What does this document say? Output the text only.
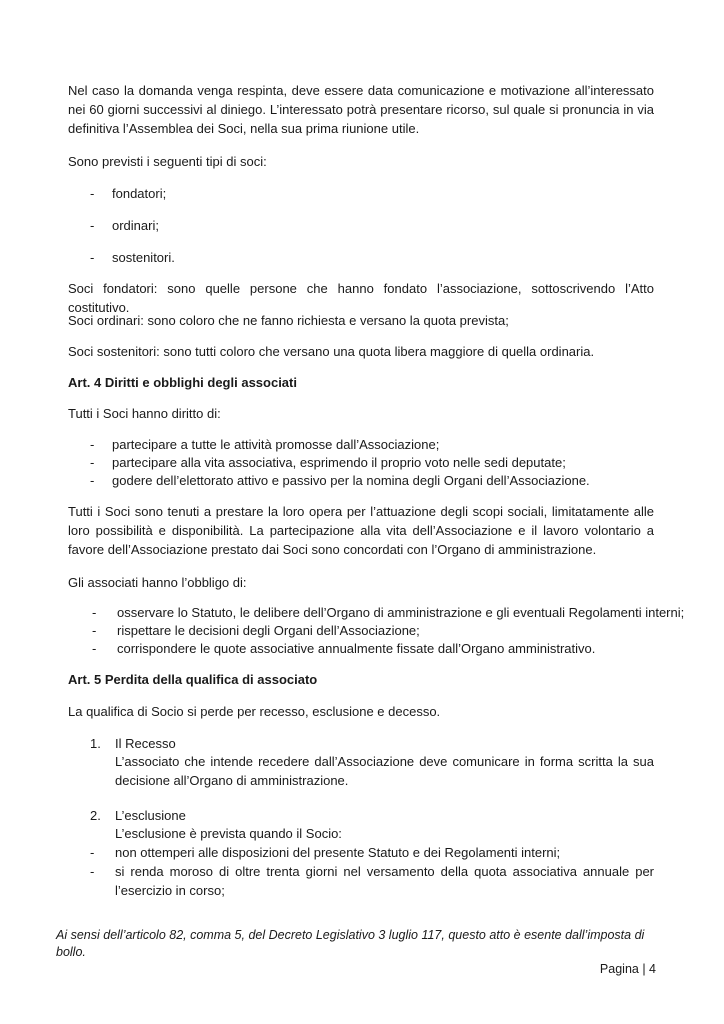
Nel caso la domanda venga respinta, deve essere data comunicazione e motivazione all’interessato nei 60 giorni successivi al diniego. L’interessato potrà presentare ricorso, sul quale si pronuncia in via definitiva l’Assemblea dei Soci, nella sua prima riunione utile.

Sono previsti i seguenti tipi di soci:

- fondatori;
- ordinari;
- sostenitori.

Soci fondatori: sono quelle persone che hanno fondato l’associazione, sottoscrivendo l’Atto costitutivo.

Soci ordinari: sono coloro che ne fanno richiesta e versano la quota prevista;

Soci sostenitori: sono tutti coloro che versano una quota libera maggiore di quella ordinaria.

Art. 4 Diritti e obblighi degli associati

Tutti i Soci hanno diritto di:

- partecipare a tutte le attività promosse dall’Associazione;
- partecipare alla vita associativa, esprimendo il proprio voto nelle sedi deputate;
- godere dell’elettorato attivo e passivo per la nomina degli Organi dell’Associazione.

Tutti i Soci sono tenuti a prestare la loro opera per l’attuazione degli scopi sociali, limitatamente alle loro possibilità e disponibilità. La partecipazione alla vita dell’Associazione e il lavoro volontario a favore dell’Associazione prestato dai Soci sono concordati con l’Organo di amministrazione.

Gli associati hanno l’obbligo di:

- osservare lo Statuto, le delibere dell’Organo di amministrazione e gli eventuali Regolamenti interni;
- rispettare le decisioni degli Organi dell’Associazione;
- corrispondere le quote associative annualmente fissate dall’Organo amministrativo.

Art. 5 Perdita della qualifica di associato

La qualifica di Socio si perde per recesso, esclusione e decesso.

1. Il Recesso

L’associato che intende recedere dall’Associazione deve comunicare in forma scritta la sua decisione all’Organo di amministrazione.

2. L’esclusione
L’esclusione è prevista quando il Socio:
- non ottemperi alle disposizioni del presente Statuto e dei Regolamenti interni;
- si renda moroso di oltre trenta giorni nel versamento della quota associativa annuale per l’esercizio in corso;

Ai sensi dell’articolo 82, comma 5, del Decreto Legislativo 3 luglio 117, questo atto è esente dall’imposta di bollo.

Pagina | 4
